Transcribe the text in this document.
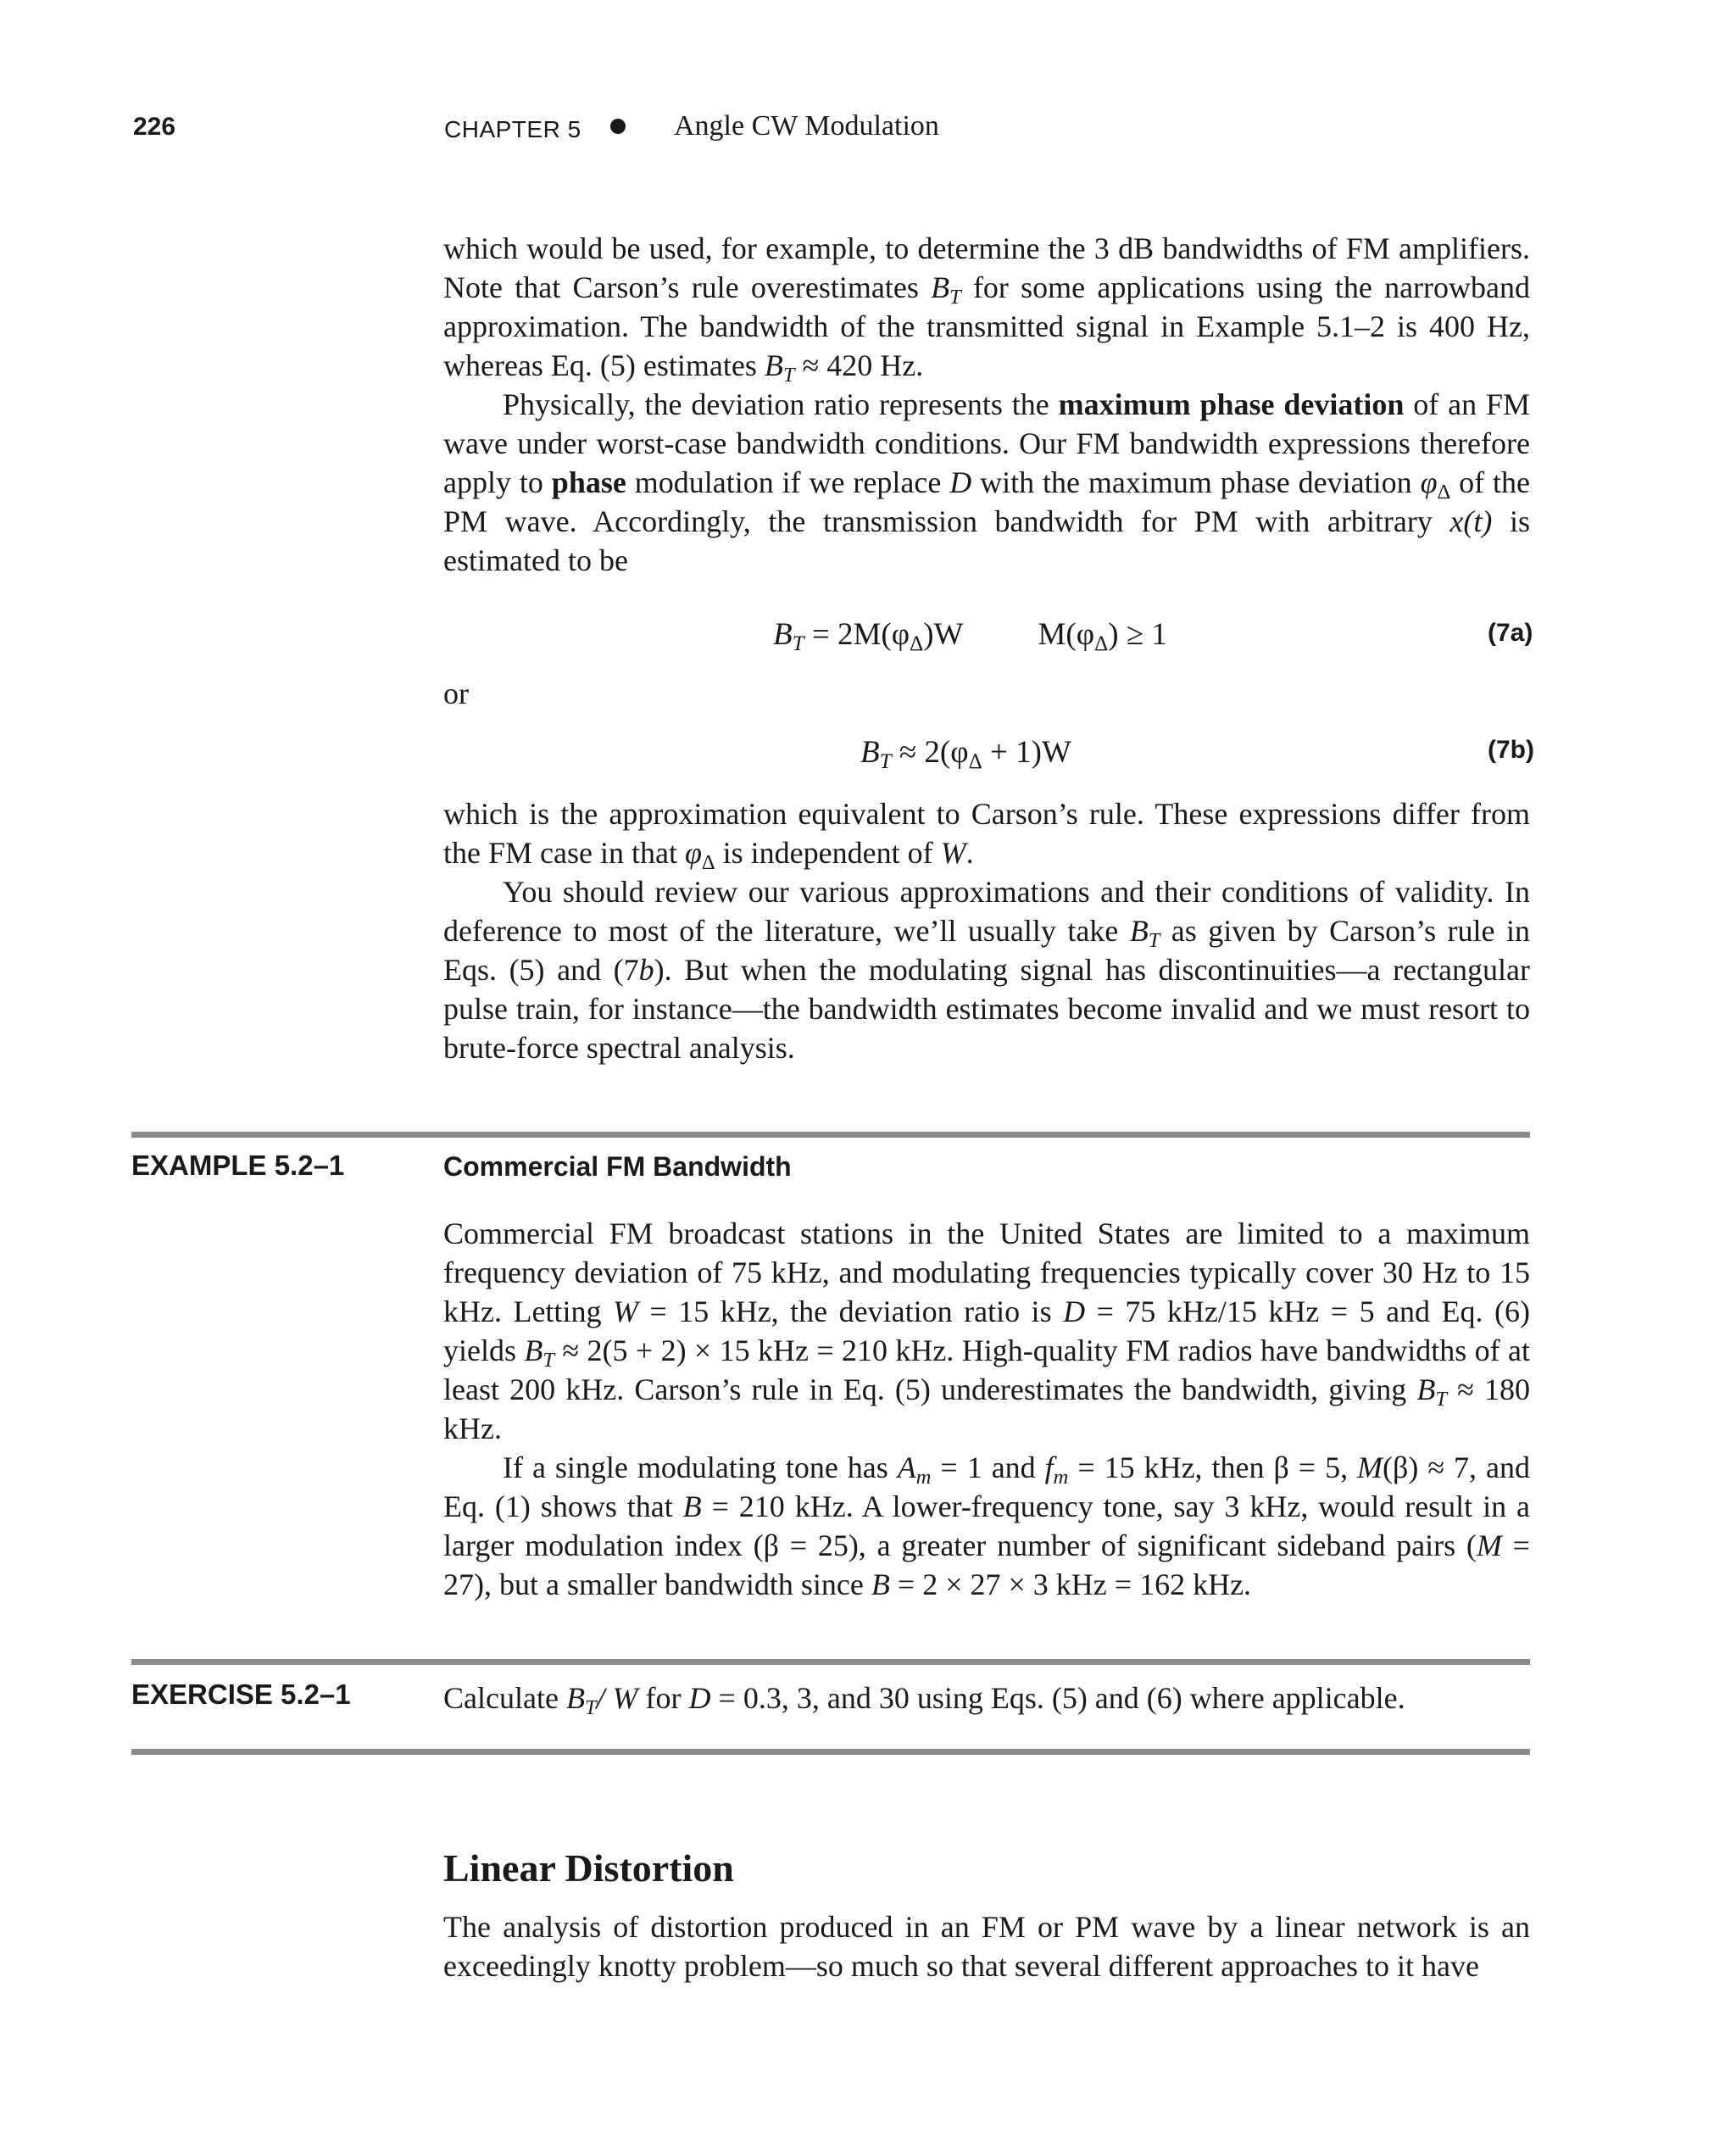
226	CHAPTER 5	Angle CW Modulation

which would be used, for example, to determine the 3 dB bandwidths of FM amplifiers. Note that Carson’s rule overestimates $B_T$ for some applications using the narrowband approximation. The bandwidth of the transmitted signal in Example 5.1–2 is 400 Hz, whereas Eq. (5) estimates $B_T \approx 420$ Hz.

Physically, the deviation ratio represents the maximum phase deviation of an FM wave under worst-case bandwidth conditions. Our FM bandwidth expressions therefore apply to phase modulation if we replace D with the maximum phase deviation $\varphi_\Delta$ of the PM wave. Accordingly, the transmission bandwidth for PM with arbitrary x(t) is estimated to be

$B_T = 2M(\varphi_\Delta)W$ $M(\varphi_\Delta) \ge 1$	(7a)
or
$B_T \approx 2(\varphi_\Delta + 1)W$	(7b)

which is the approximation equivalent to Carson’s rule. These expressions differ from the FM case in that $\varphi_\Delta$ is independent of W.

You should review our various approximations and their conditions of validity. In deference to most of the literature, we’ll usually take $B_T$ as given by Carson’s rule in Eqs. (5) and (7b). But when the modulating signal has discontinuities—a rectangular pulse train, for instance—the bandwidth estimates become invalid and we must resort to brute-force spectral analysis.

EXAMPLE 5.2–1	Commercial FM Bandwidth

Commercial FM broadcast stations in the United States are limited to a maximum frequency deviation of 75 kHz, and modulating frequencies typically cover 30 Hz to 15 kHz. Letting W = 15 kHz, the deviation ratio is D = 75 kHz/15 kHz = 5 and Eq. (6) yields $B_T \approx 2(5 + 2) \times 15$ kHz = 210 kHz. High-quality FM radios have bandwidths of at least 200 kHz. Carson’s rule in Eq. (5) underestimates the bandwidth, giving $B_T \approx 180$ kHz.

If a single modulating tone has $A_m = 1$ and $f_m = 15$ kHz, then β = 5, M(β) ≈ 7, and Eq. (1) shows that B = 210 kHz. A lower-frequency tone, say 3 kHz, would result in a larger modulation index (β = 25), a greater number of significant sideband pairs (M = 27), but a smaller bandwidth since B = 2 × 27 × 3 kHz = 162 kHz.

EXERCISE 5.2–1	Calculate $B_T/$ W for D = 0.3, 3, and 30 using Eqs. (5) and (6) where applicable.
Linear Distortion

The analysis of distortion produced in an FM or PM wave by a linear network is an exceedingly knotty problem—so much so that several different approaches to it have
